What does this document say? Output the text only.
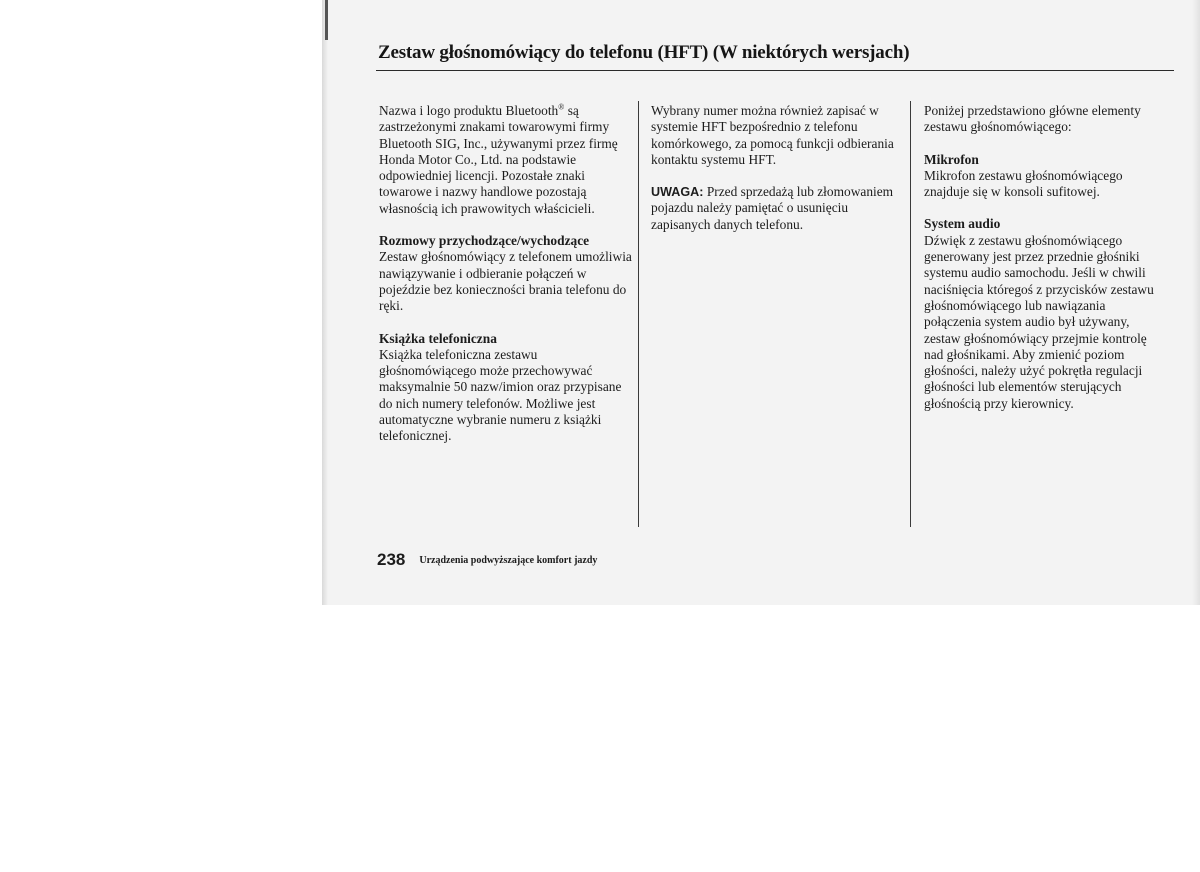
Zestaw głośnomówiący do telefonu (HFT) (W niektórych wersjach)

Nazwa i logo produktu Bluetooth® są zastrzeżonymi znakami towarowymi firmy Bluetooth SIG, Inc., używanymi przez firmę Honda Motor Co., Ltd. na podstawie odpowiedniej licencji. Pozostałe znaki towarowe i nazwy handlowe pozostają własnością ich prawowitych właścicieli.

Rozmowy przychodzące/wychodzące

Zestaw głośnomówiący z telefonem umożliwia nawiązywanie i odbieranie połączeń w pojeździe bez konieczności brania telefonu do ręki.

Książka telefoniczna

Książka telefoniczna zestawu głośnomówiącego może przechowywać maksymalnie 50 nazw/imion oraz przypisane do nich numery telefonów. Możliwe jest automatyczne wybranie numeru z książki telefonicznej.

Wybrany numer można również zapisać w systemie HFT bezpośrednio z telefonu komórkowego, za pomocą funkcji odbierania kontaktu systemu HFT.

UWAGA: Przed sprzedażą lub złomowaniem pojazdu należy pamiętać o usunięciu zapisanych danych telefonu.

Poniżej przedstawiono główne elementy zestawu głośnomówiącego:

Mikrofon

Mikrofon zestawu głośnomówiącego znajduje się w konsoli sufitowej.

System audio

Dźwięk z zestawu głośnomówiącego generowany jest przez przednie głośniki systemu audio samochodu. Jeśli w chwili naciśnięcia któregoś z przycisków zestawu głośnomówiącego lub nawiązania połączenia system audio był używany, zestaw głośnomówiący przejmie kontrolę nad głośnikami. Aby zmienić poziom głośności, należy użyć pokrętła regulacji głośności lub elementów sterujących głośnością przy kierownicy.

238 Urządzenia podwyższające komfort jazdy
